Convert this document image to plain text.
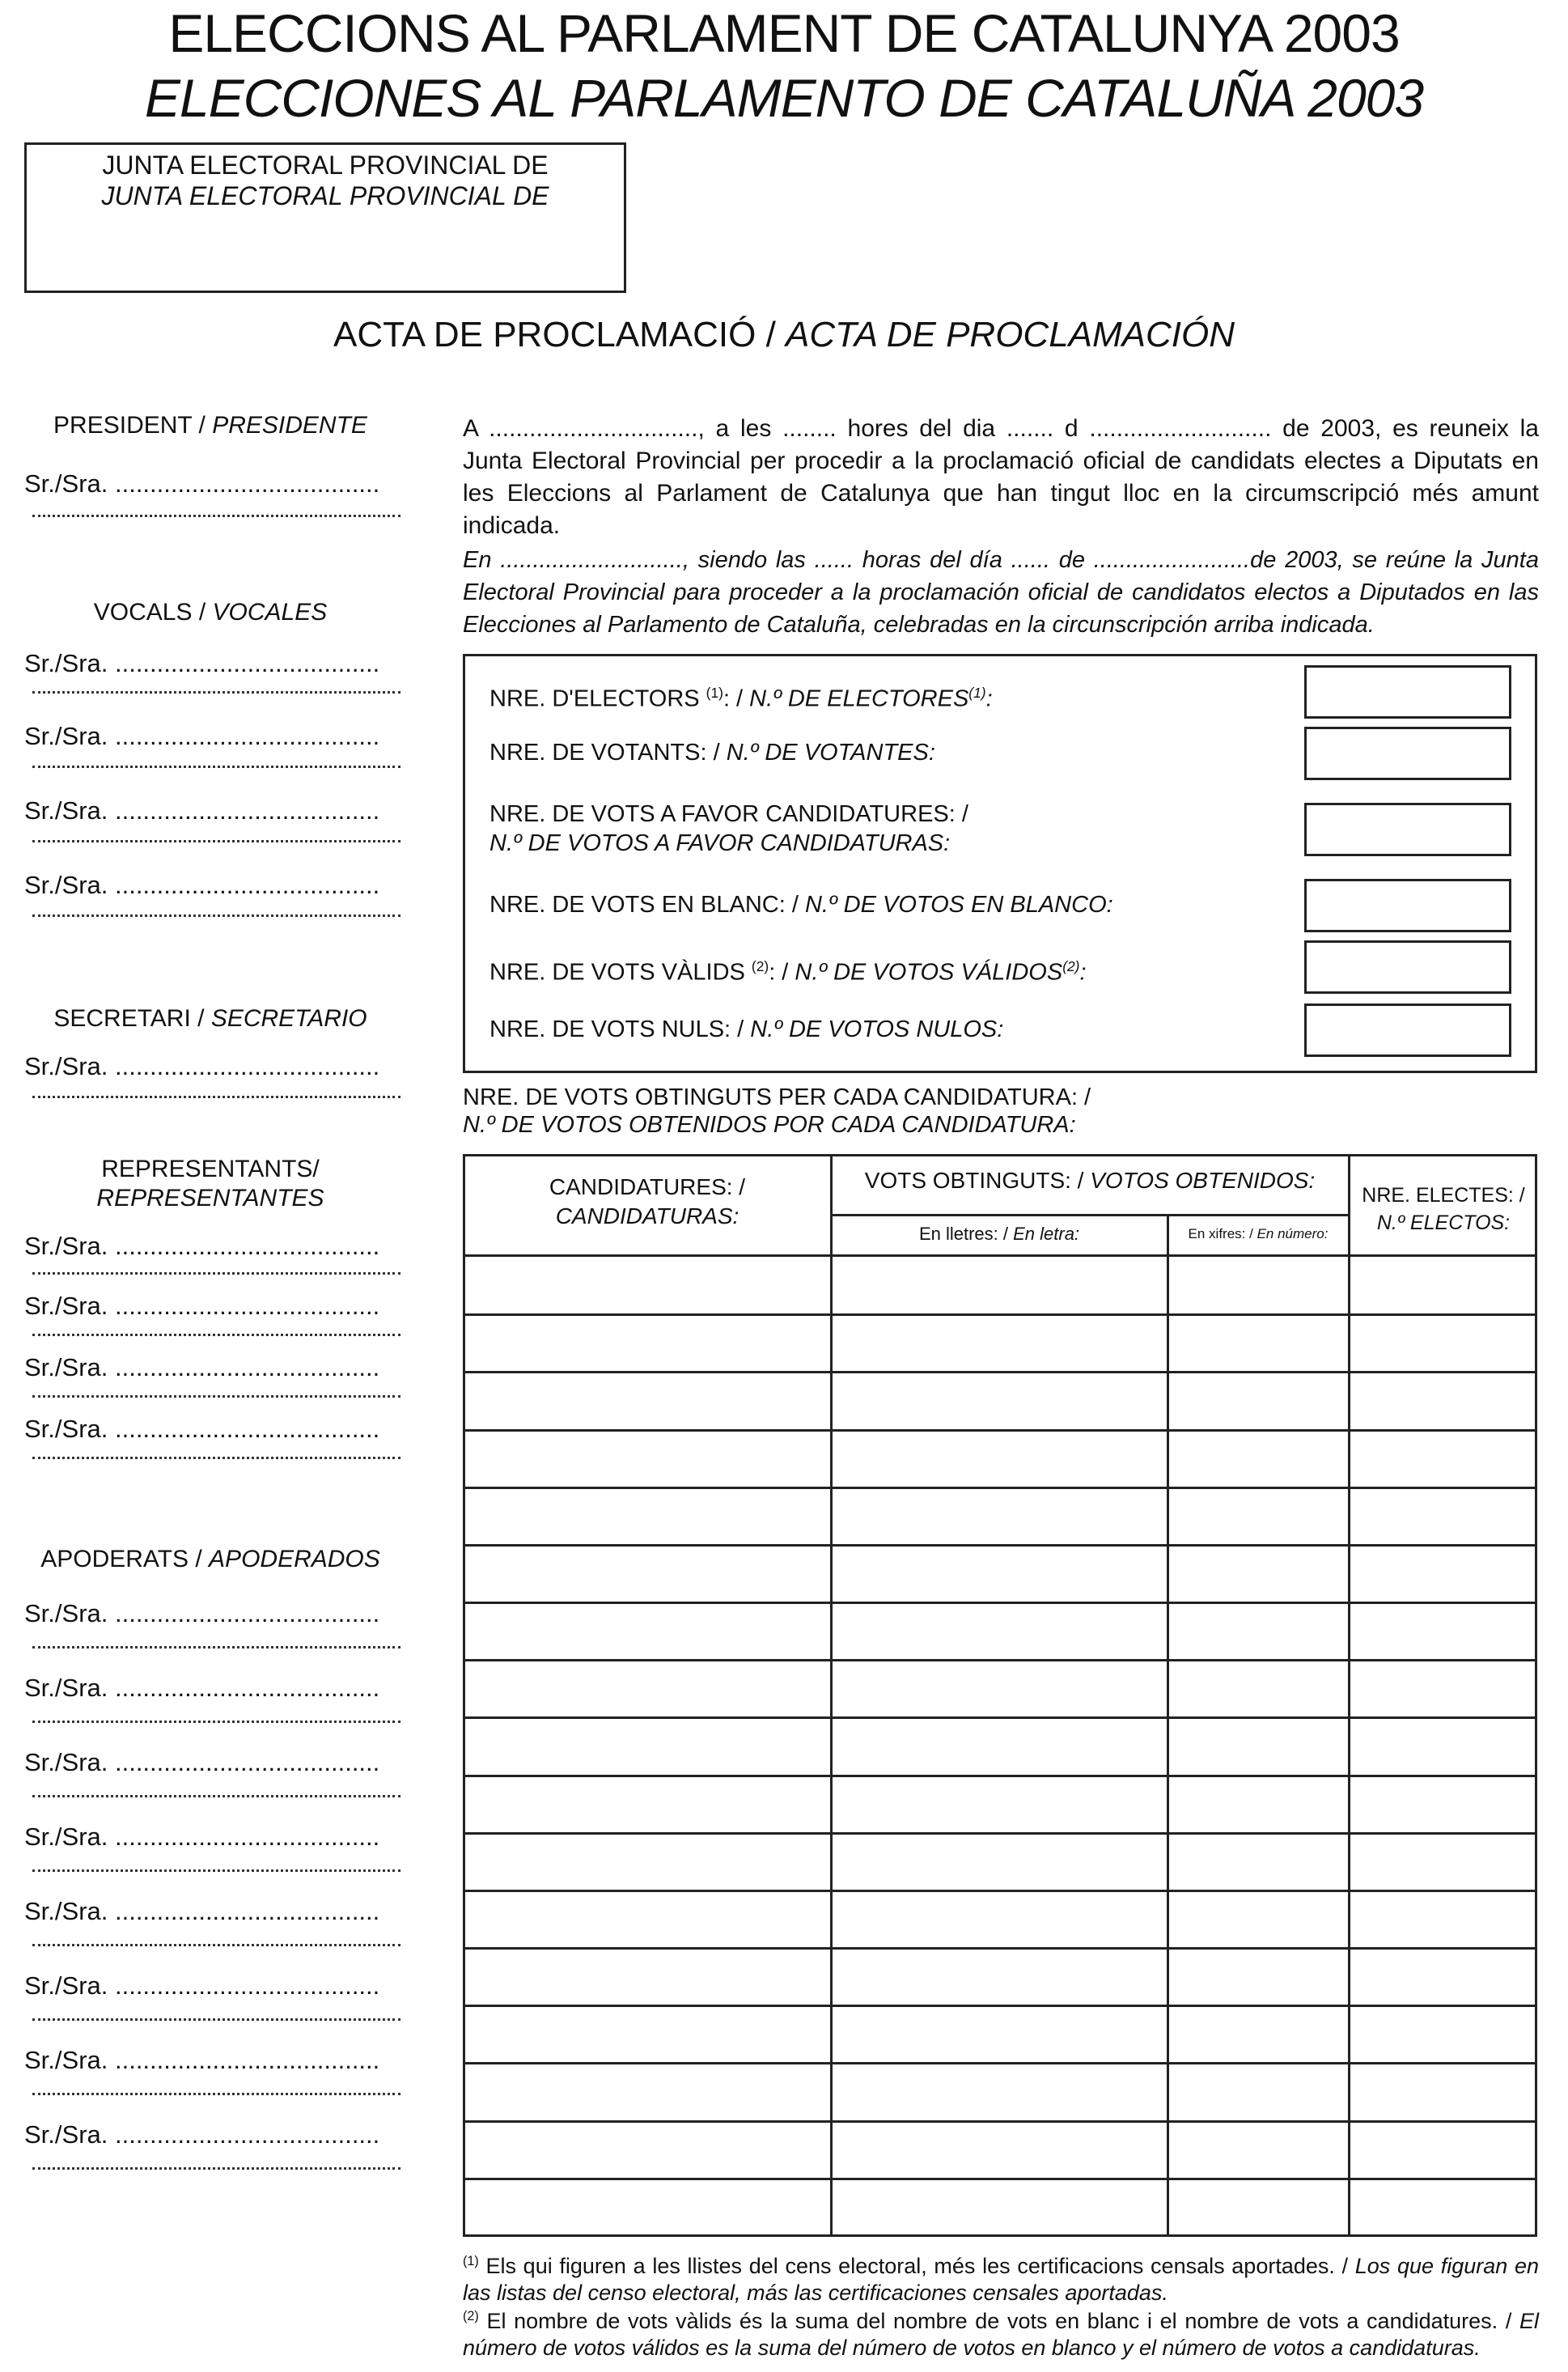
ELECCIONS AL PARLAMENT DE CATALUNYA 2003
ELECCIONES AL PARLAMENTO DE CATALUÑA 2003
JUNTA ELECTORAL PROVINCIAL DE
JUNTA ELECTORAL PROVINCIAL DE
ACTA DE PROCLAMACIÓ / ACTA DE PROCLAMACIÓN
PRESIDENT / PRESIDENTE
Sr./Sra. ......................................
VOCALS / VOCALES
Sr./Sra. ......................................
Sr./Sra. ......................................
Sr./Sra. ......................................
Sr./Sra. ......................................
SECRETARI / SECRETARIO
Sr./Sra. ......................................
REPRESENTANTS/
REPRESENTANTES
Sr./Sra. ......................................
Sr./Sra. ......................................
Sr./Sra. ......................................
Sr./Sra. ......................................
APODERATS / APODERADOS
Sr./Sra. ......................................
Sr./Sra. ......................................
Sr./Sra. ......................................
Sr./Sra. ......................................
Sr./Sra. ......................................
Sr./Sra. ......................................
Sr./Sra. ......................................
Sr./Sra. ......................................
A ..............................., a les ........ hores del dia ....... d ........................... de 2003, es reuneix la Junta Electoral Provincial per procedir a la proclamació oficial de candidats electes a Diputats en les Eleccions al Parlament de Catalunya que han tingut lloc en la circumscripció més amunt indicada.
En ............................, siendo las ...... horas del día ...... de ........................de 2003, se reúne la Junta Electoral Provincial para proceder a la proclamación oficial de candidatos electos a Diputados en las Elecciones al Parlamento de Cataluña, celebradas en la circunscripción arriba indicada.
NRE. D'ELECTORS $^{(1)}$: / N.º DE ELECTORES$^{(1)}$:
NRE. DE VOTANTS: / N.º DE VOTANTES:
NRE. DE VOTS A FAVOR CANDIDATURES: /
N.º DE VOTOS A FAVOR CANDIDATURAS:
NRE. DE VOTS EN BLANC: / N.º DE VOTOS EN BLANCO:
NRE. DE VOTS VÀLIDS $^{(2)}$: / N.º DE VOTOS VÁLIDOS$^{(2)}$:
NRE. DE VOTS NULS: / N.º DE VOTOS NULOS:
NRE. DE VOTS OBTINGUTS PER CADA CANDIDATURA: /
N.º DE VOTOS OBTENIDOS POR CADA CANDIDATURA:
CANDIDATURES: /
CANDIDATURAS:
VOTS OBTINGUTS: / VOTOS OBTENIDOS:
En lletres: / En letra:	En xifres: / En número:
NRE. ELECTES: /
N.º ELECTOS:
$^{(1)}$ Els qui figuren a les llistes del cens electoral, més les certificacions censals aportades. / Los que figuran en las listas del censo electoral, más las certificaciones censales aportadas.
$^{(2)}$ El nombre de vots vàlids és la suma del nombre de vots en blanc i el nombre de vots a candidatures. / El número de votos válidos es la suma del número de votos en blanco y el número de votos a candidaturas.
